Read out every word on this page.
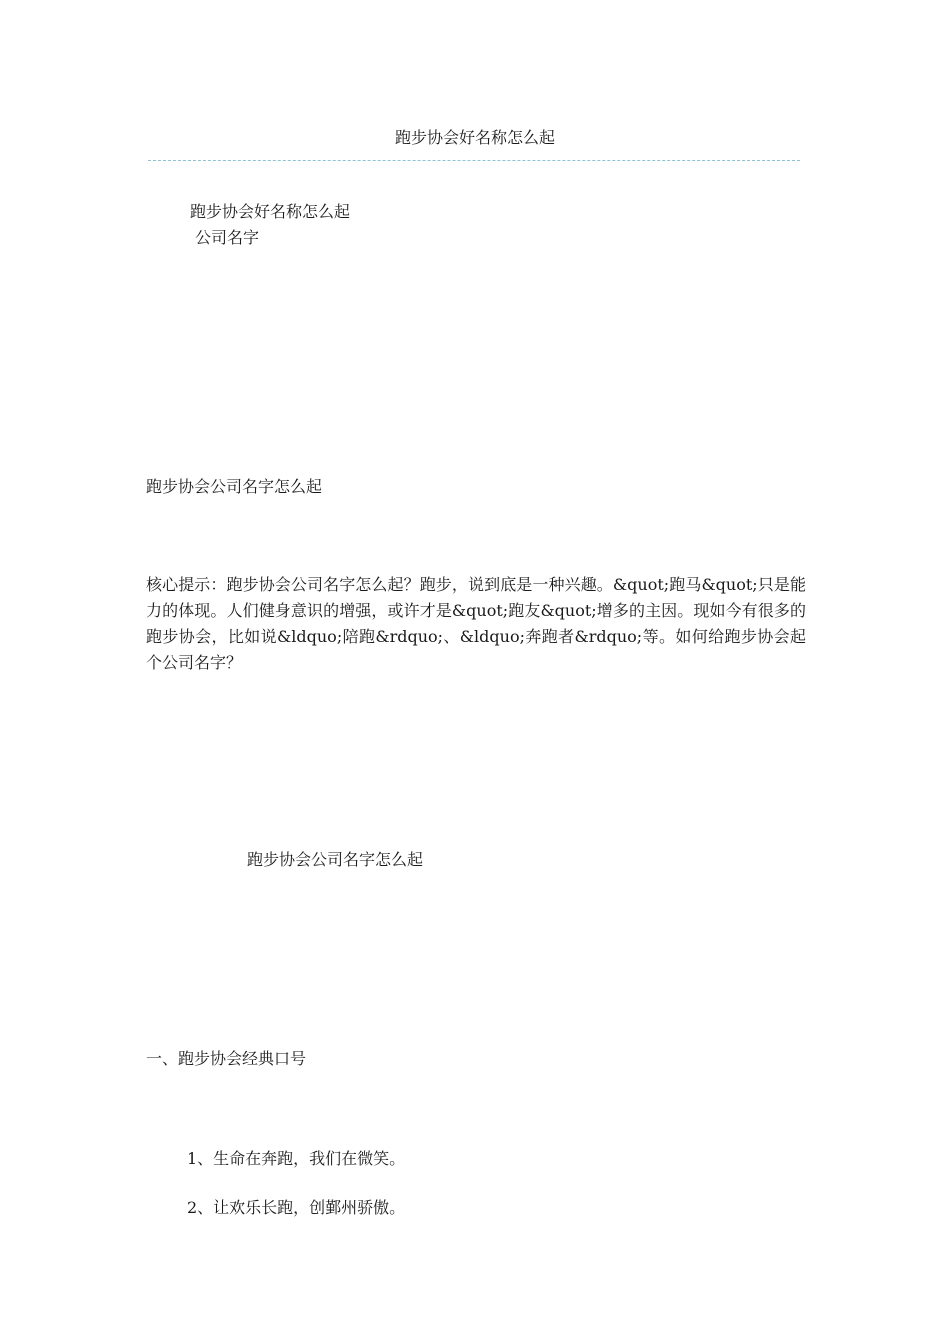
跑步协会好名称怎么起

跑步协会好名称怎么起

公司名字

跑步协会公司名字怎么起

核心提示：跑步协会公司名字怎么起？跑步，说到底是一种兴趣。&quot;跑马&quot;只是能力的体现。人们健身意识的增强，或许才是&quot;跑友&quot;增多的主因。现如今有很多的跑步协会，比如说&ldquo;陪跑&rdquo;、&ldquo;奔跑者&rdquo;等。如何给跑步协会起个公司名字？

跑步协会公司名字怎么起

一、跑步协会经典口号

1、生命在奔跑，我们在微笑。

2、让欢乐长跑，创鄞州骄傲。
